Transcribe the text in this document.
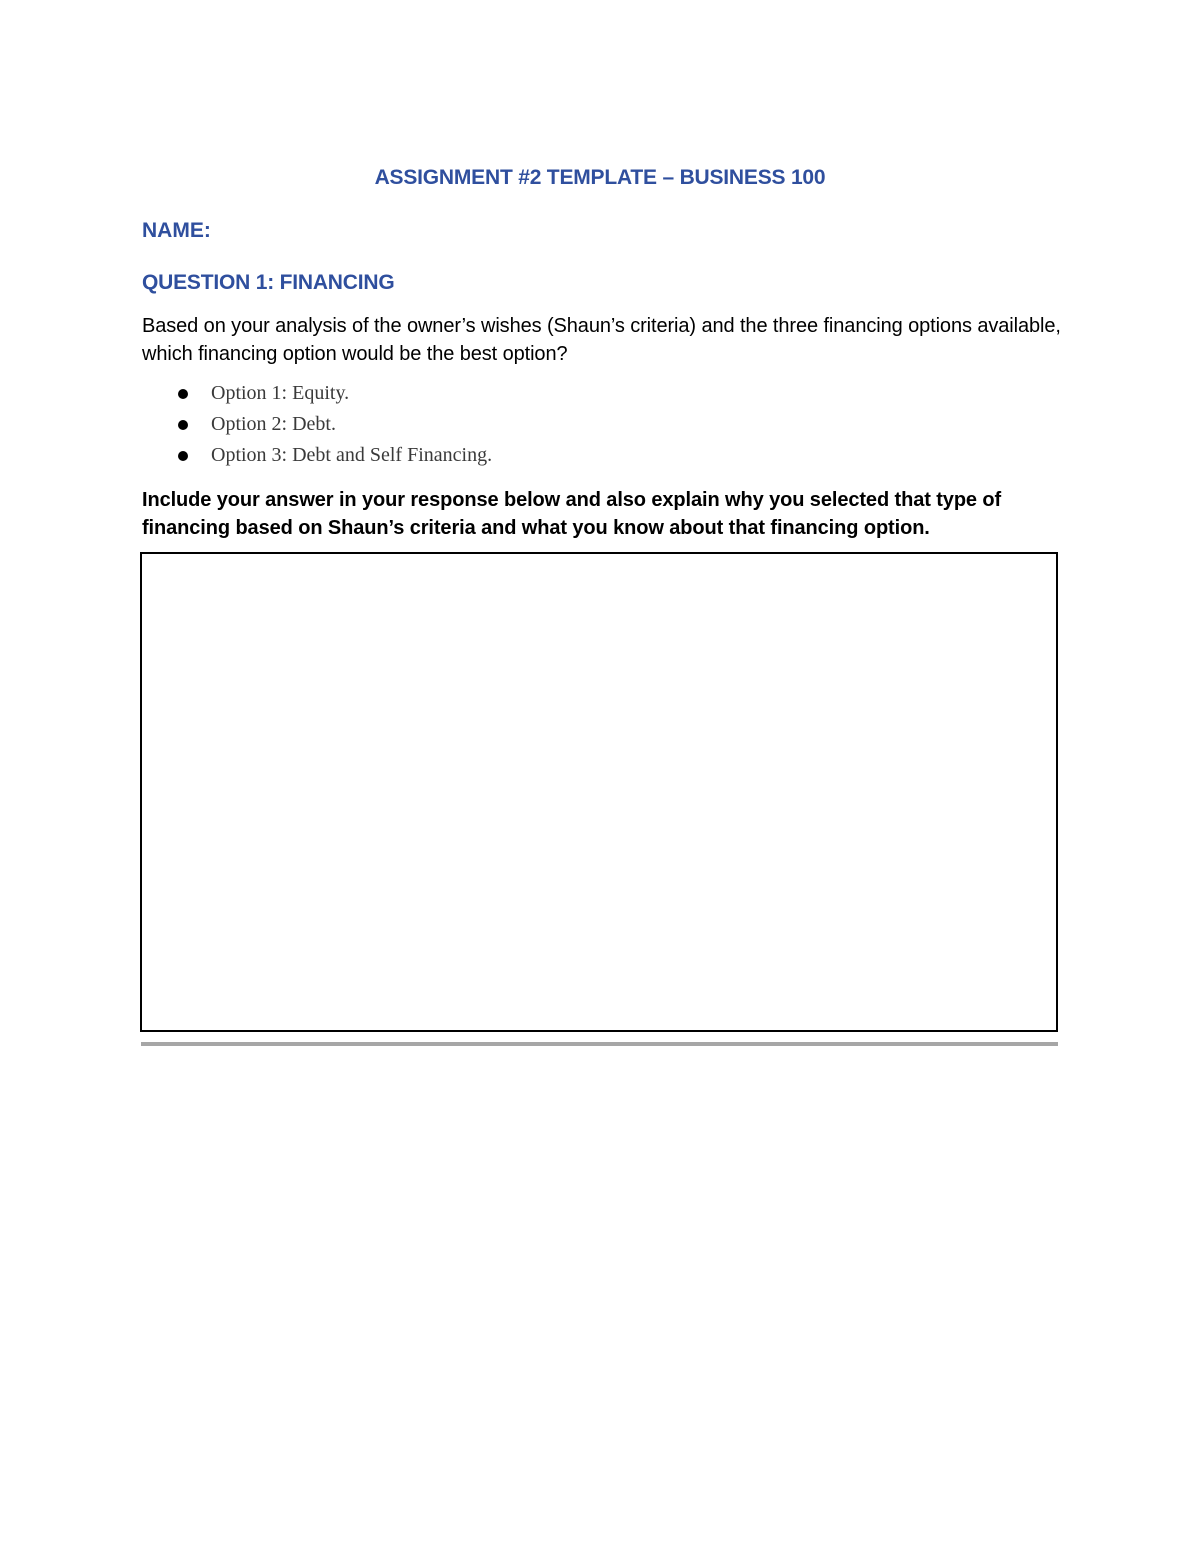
ASSIGNMENT #2 TEMPLATE – BUSINESS 100
NAME:
QUESTION 1: FINANCING
Based on your analysis of the owner’s wishes (Shaun’s criteria) and the three financing options available, which financing option would be the best option?
Option 1: Equity.
Option 2: Debt.
Option 3: Debt and Self Financing.
Include your answer in your response below and also explain why you selected that type of financing based on Shaun’s criteria and what you know about that financing option.
